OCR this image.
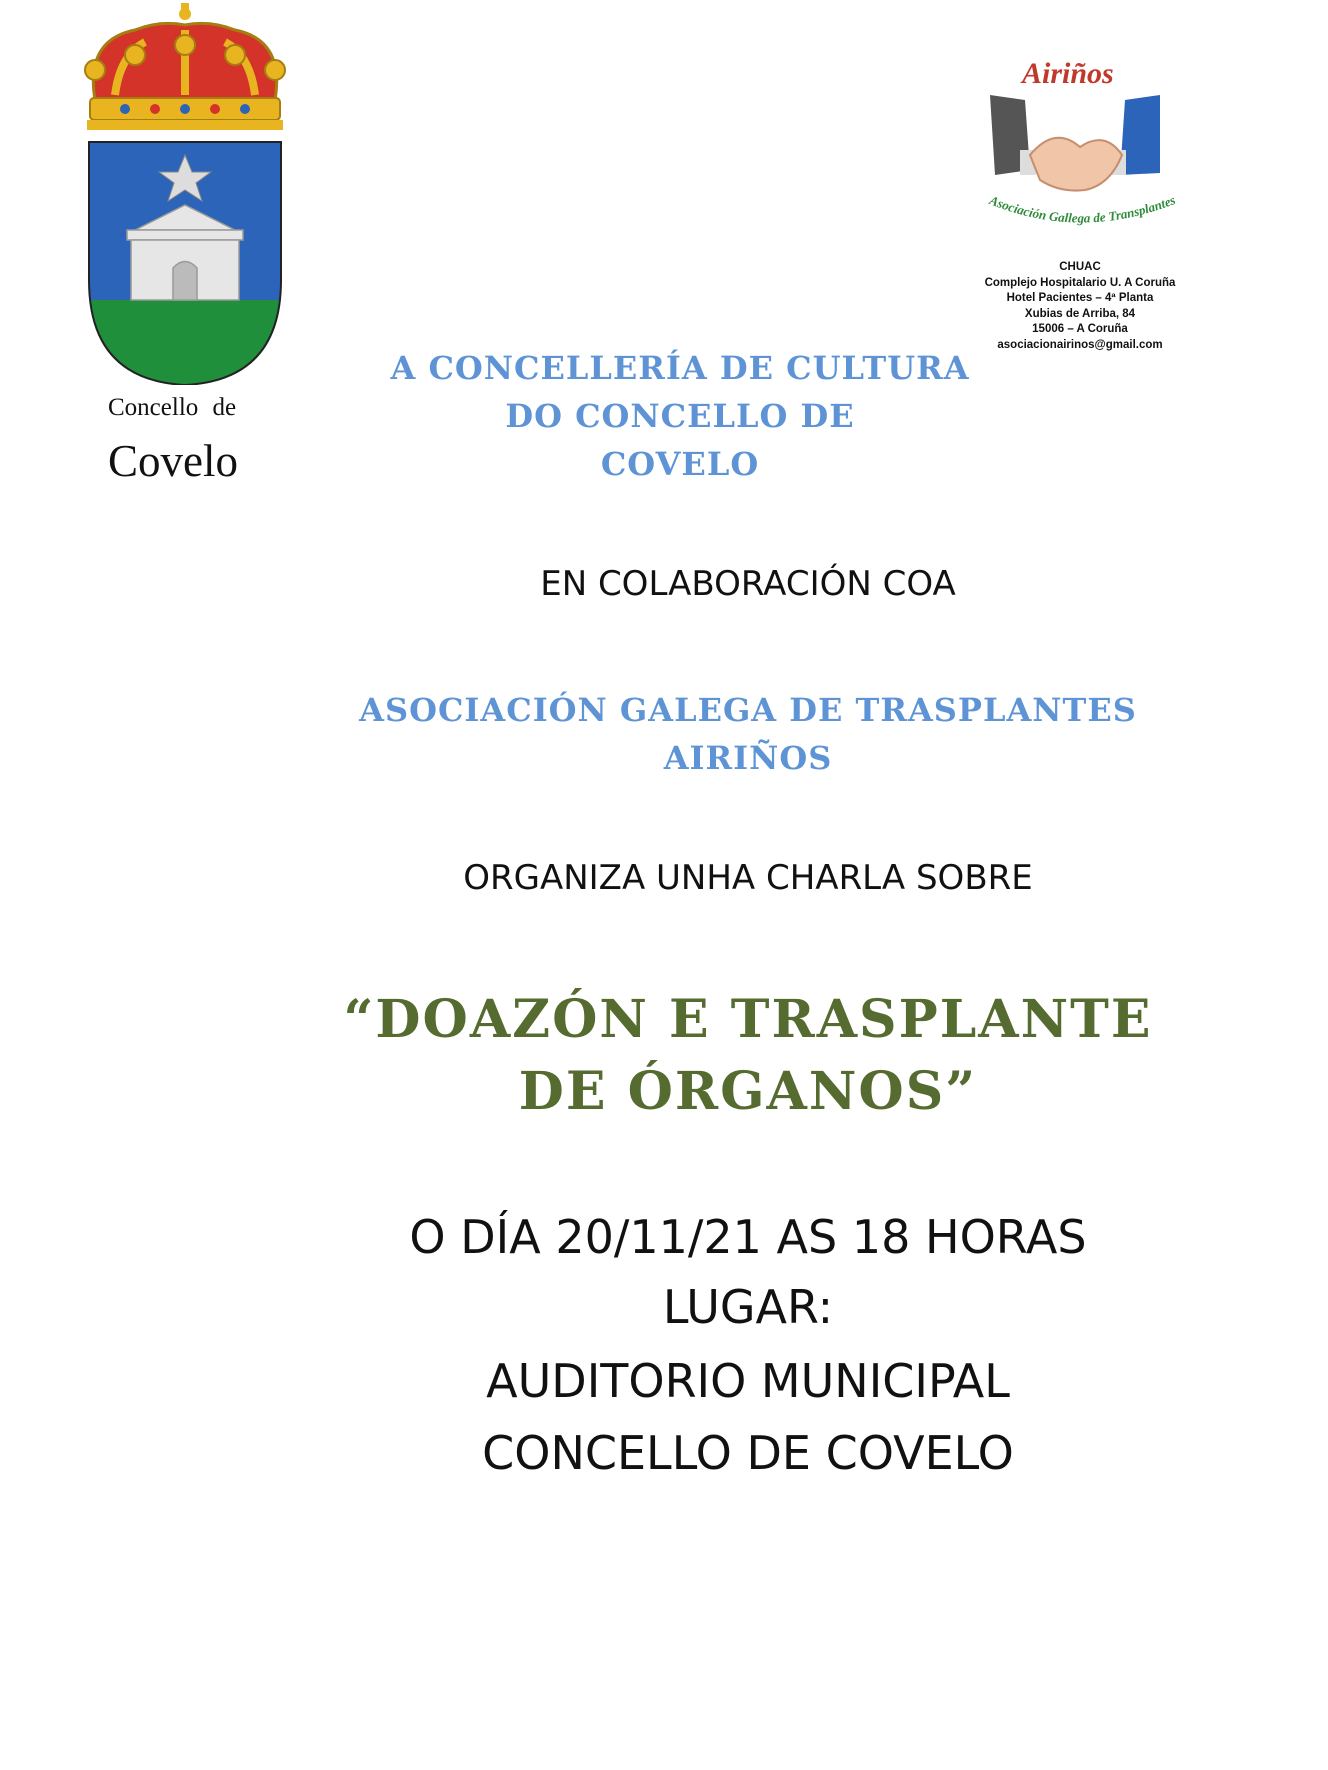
Concello de
Covelo
Airiños
Asociación Gallega de Transplantes
CHUAC
Complejo Hospitalario U. A Coruña
Hotel Pacientes – 4ª Planta
Xubias de Arriba, 84
15006 – A Coruña
asociacionairinos@gmail.com
A CONCELLERÍA DE CULTURA
DO CONCELLO DE
COVELO
EN COLABORACIÓN COA
ASOCIACIÓN GALEGA DE TRASPLANTES
AIRIÑOS
ORGANIZA UNHA CHARLA SOBRE
“DOAZÓN E TRASPLANTE
DE ÓRGANOS”
O DÍA 20/11/21 AS 18 HORAS
LUGAR:
AUDITORIO MUNICIPAL
CONCELLO DE COVELO
